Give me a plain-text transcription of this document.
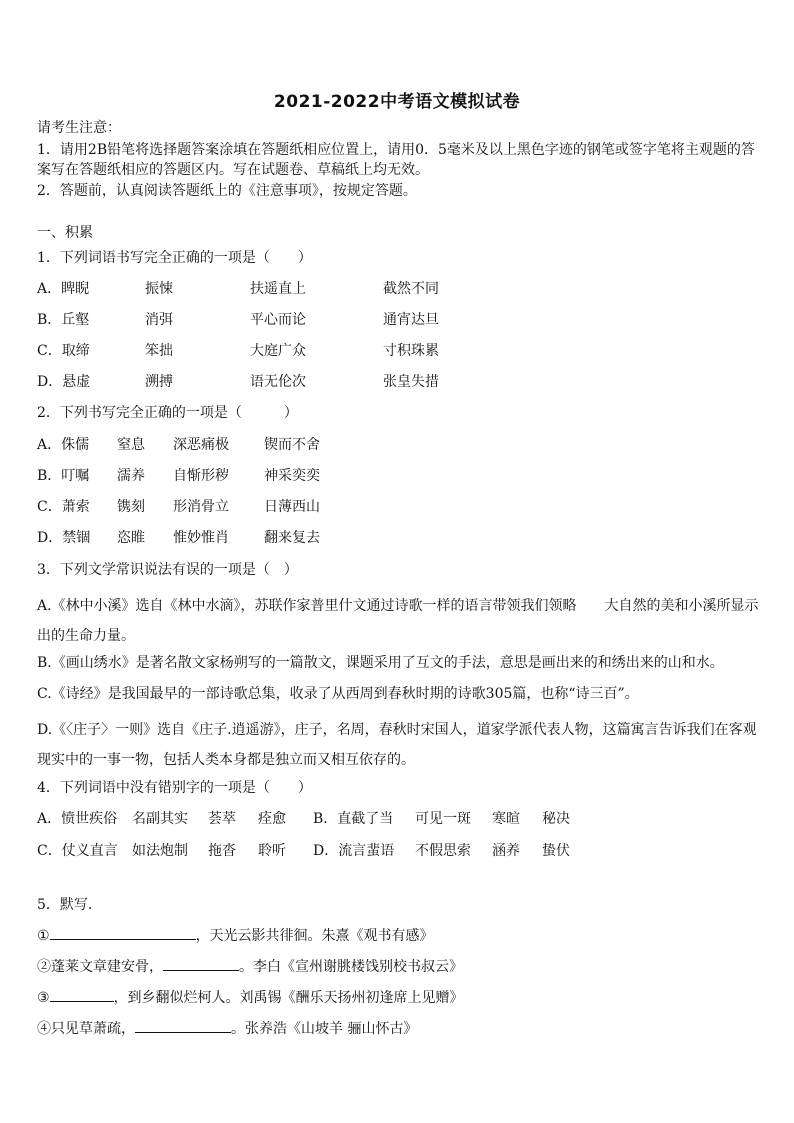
2021-2022中考语文模拟试卷
请考生注意：
1．请用2B铅笔将选择题答案涂填在答题纸相应位置上，请用0．5毫米及以上黑色字迹的钢笔或签字笔将主观题的答案写在答题纸相应的答题区内。写在试题卷、草稿纸上均无效。
2．答题前，认真阅读答题纸上的《注意事项》，按规定答题。
一、积累
1．下列词语书写完全正确的一项是（　　）
A．睥睨	振悚	扶遥直上	截然不同
B．丘壑	消弭	平心而论	通宵达旦
C．取缔	笨拙	大庭广众	寸积珠累
D．悬虚	溯搏	语无伦次	张皇失措
2．下列书写完全正确的一项是（　　　）
A．侏儒 窒息 深恶痛极	锲而不舍
B．叮嘱 濡养 自惭形秽	神采奕奕
C．萧索 镌刻 形消骨立	日薄西山
D．禁锢 恣睢 惟妙惟肖	翻来复去
3．下列文学常识说法有误的一项是（　）
A.《林中小溪》选自《林中水滴》，苏联作家普里什文通过诗歌一样的语言带领我们领略　　大自然的美和小溪所显示出的生命力量。
B.《画山绣水》是著名散文家杨朔写的一篇散文，课题采用了互文的手法，意思是画出来的和绣出来的山和水。
C.《诗经》是我国最早的一部诗歌总集，收录了从西周到春秋时期的诗歌305篇，也称“诗三百”。
D.《〈庄子〉一则》选自《庄子.逍遥游》，庄子，名周，春秋时宋国人，道家学派代表人物，这篇寓言告诉我们在客观现实中的一事一物，包括人类本身都是独立而又相互依存的。
4．下列词语中没有错别字的一项是（　　）
A．愤世疾俗 名副其实 荟萃 痊愈 B．直截了当 可见一斑 寒暄 秘决
C．仗义直言 如法炮制 拖沓 聆听 D．流言蜚语 不假思索 涵养 蛰伏
5．默写.
①	，天光云影共徘徊。朱熹《观书有感》
②蓬莱文章建安骨，	。李白《宣州谢朓楼饯别校书叔云》
③	，到乡翻似烂柯人。刘禹锡《酬乐天扬州初逢席上见赠》
④只见草萧疏，	。张养浩《山坡羊 骊山怀古》
